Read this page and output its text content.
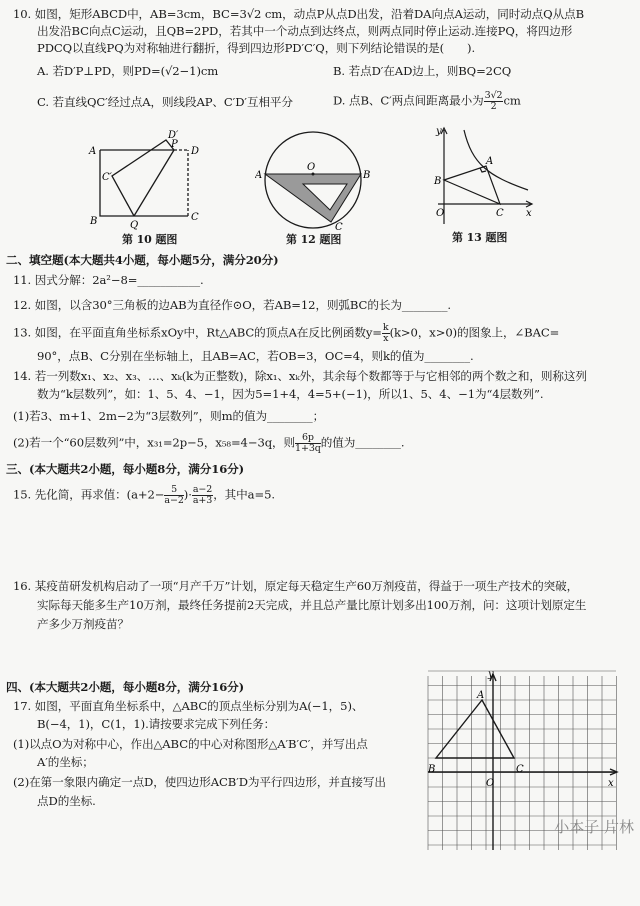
10. 如图，矩形ABCD中，AB=3cm，BC=3√2 cm，动点P从点D出发，沿着DA向点A运动，同时动点Q从点B
出发沿BC向点C运动，且QB=2PD，若其中一个动点到达终点，则两点同时停止运动.连接PQ，将四边形
PDCQ以直线PQ为对称轴进行翻折，得到四边形PD′C′Q，则下列结论错误的是(　　).
A. 若D′P⊥PD，则PD=(√2−1)cm	B. 若点D′在AD边上，则BQ=2CQ
C. 若直线QC′经过点A，则线段AP、C′D′互相平分	D. 点B、C′两点间距离最小为 $\frac{3√2}{2}$ cm
D′
A
P
D
C
B	Q
C′
第 10 题图
O
A	B
C
第 12 题图
A
y
B
O	C x
第 13 题图
二、填空题(本大题共4小题，每小题5分，满分20分)
11. 因式分解：2a²−8=___________.
12. 如图，以含30°三角板的边AB为直径作⊙O，若AB=12，则弧BC的长为________.
13. 如图，在平面直角坐标系xOy中，Rt△ABC的顶点A在反比例函数$y= \frac{k}{x} (k>0$，x>0)的图象上，∠BAC=
90°，点B、C分别在坐标轴上，且AB=AC，若OB=3，OC=4，则k的值为________.
14. 若一列数x₁、x₂、x₃、…、xₖ(k为正整数)，除x₁、xₖ外，其余每个数都等于与它相邻的两个数之和，则称这列
数为“k层数列”，如：1、5、4、−1，因为5=1+4，4=5+(−1)，所以1、5、4、−1为“4层数列”.
(1)若3、m+1、2m−2为“3层数列”，则m的值为________；
(2)若一个“60层数列”中，x₃₁=2p−5，x₅₈=4−3q，则 $\frac{6p}{1+3q}$ 的值为________.
三、(本大题共2小题，每小题8分，满分16分)
15. 先化简，再求值：($a+2- \frac{5}{a-2}$ )· $\frac{a-2}{a+3}$ ，其中a=5.
16. 某疫苗研发机构启动了一项“月产千万”计划，原定每天稳定生产60万剂疫苗，得益于一项生产技术的突破，
实际每天能多生产10万剂，最终任务提前2天完成，并且总产量比原计划多出100万剂，问：这项计划原定生
产多少万剂疫苗？
四、(本大题共2小题，每小题8分，满分16分)
17. 如图，平面直角坐标系中，△ABC的顶点坐标分别为A(−1，5)、
B(−4，1)，C(1，1).请按要求完成下列任务：
(1)以点O为对称中心，作出△ABC的中心对称图形△A′B′C′，并写出点
A′的坐标；
(2)在第一象限内确定一点D，使四边形ACB′D为平行四边形，并直接写出
点D的坐标.
y
A
B
O
C
x
小本子 片林
